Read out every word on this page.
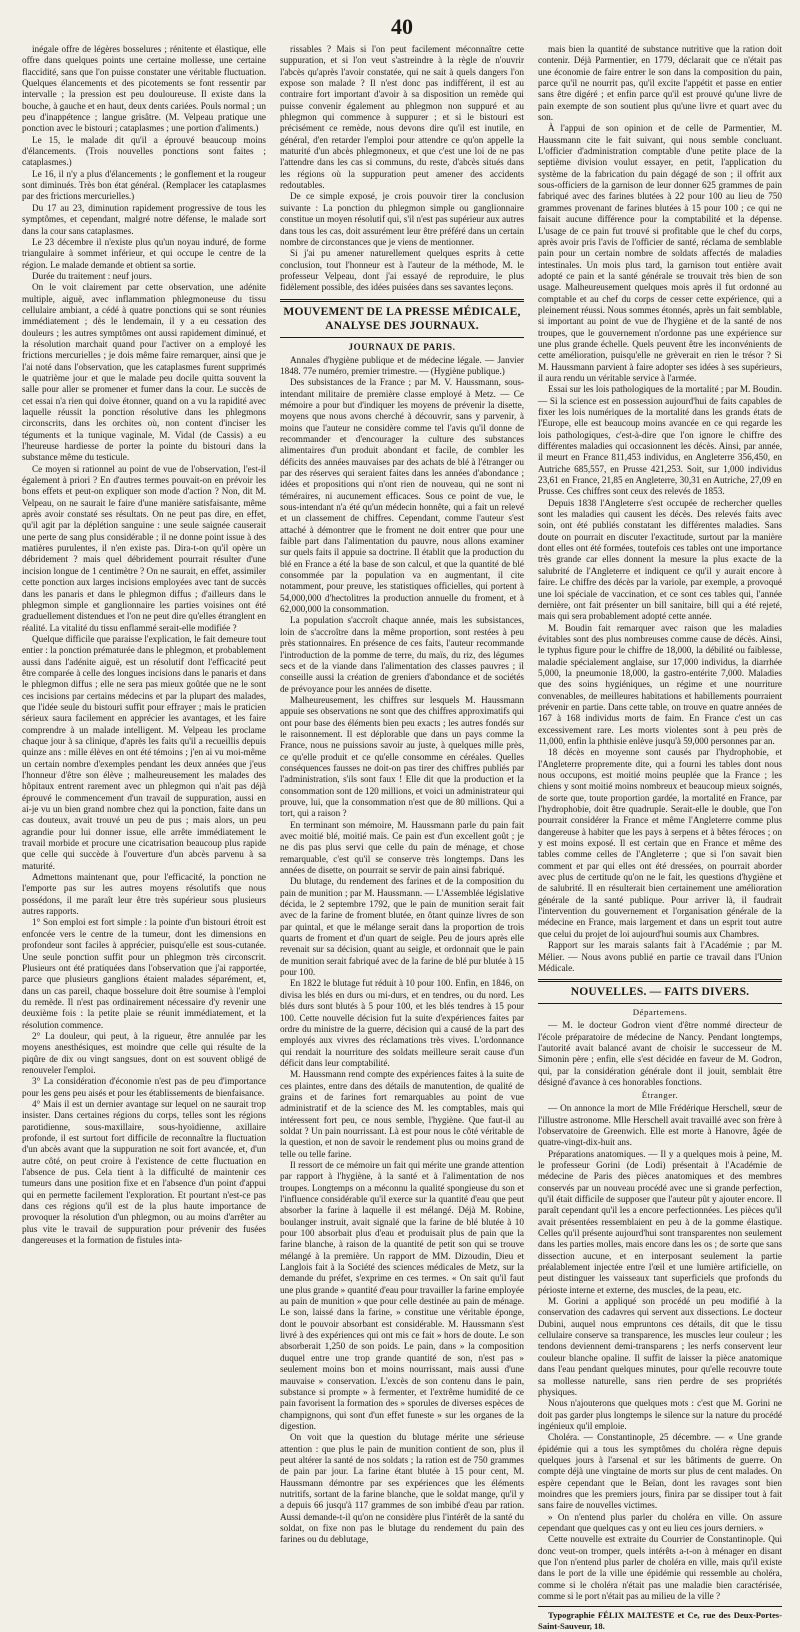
40

inégale offre de légères bosselures ; rénitente et élastique, elle offre dans quelques points une certaine mollesse, une certaine flaccidité, sans que l'on puisse constater une véritable fluctuation. Quelques élancements et des picotements se font ressentir par intervalle ; la pression est peu douloureuse. Il existe dans la bouche, à gauche et en haut, deux dents cariées. Pouls normal ; un peu d'inappétence ; langue grisâtre. (M. Velpeau pratique une ponction avec le bistouri ; cataplasmes ; une portion d'aliments.)

Le 15, le malade dit qu'il a éprouvé beaucoup moins d'élancements. (Trois nouvelles ponctions sont faites ; cataplasmes.)

Le 16, il n'y a plus d'élancements ; le gonflement et la rougeur sont diminués. Très bon état général. (Remplacer les cataplasmes par des frictions mercurielles.)

Du 17 au 23, diminution rapidement progressive de tous les symptômes, et cependant, malgré notre défense, le malade sort dans la cour sans cataplasmes.

Le 23 décembre il n'existe plus qu'un noyau induré, de forme triangulaire à sommet inférieur, et qui occupe le centre de la région. Le malade demande et obtient sa sortie.

Durée du traitement : neuf jours.

On le voit clairement par cette observation, une adénite multiple, aiguë, avec inflammation phlegmoneuse du tissu cellulaire ambiant, a cédé à quatre ponctions qui se sont réunies immédiatement ; dès le lendemain, il y a eu cessation des douleurs ; les autres symptômes ont aussi rapidement diminué, et la résolution marchait quand pour l'activer on a employé les frictions mercurielles ; je dois même faire remarquer, ainsi que je l'ai noté dans l'observation, que les cataplasmes furent supprimés le quatrième jour et que le malade peu docile quitta souvent la salle pour aller se promener et fumer dans la cour. Le succès de cet essai n'a rien qui doive étonner, quand on a vu la rapidité avec laquelle réussit la ponction résolutive dans les phlegmons circonscrits, dans les orchites où, non content d'inciser les téguments et la tunique vaginale, M. Vidal (de Cassis) a eu l'heureuse hardiesse de porter la pointe du bistouri dans la substance même du testicule.

Ce moyen si rationnel au point de vue de l'observation, l'est-il également à priori ? En d'autres termes pouvait-on en prévoir les bons effets et peut-on expliquer son mode d'action ? Non, dit M. Velpeau, on ne saurait le faire d'une manière satisfaisante, même après avoir constaté ses résultats. On ne peut pas dire, en effet, qu'il agit par la déplétion sanguine : une seule saignée causerait une perte de sang plus considérable ; il ne donne point issue à des matières purulentes, il n'en existe pas. Dira-t-on qu'il opère un débridement ? mais quel débridement pourrait résulter d'une incision longue de 1 centimètre ? On ne saurait, en effet, assimiler cette ponction aux larges incisions employées avec tant de succès dans les panaris et dans le phlegmon diffus ; d'ailleurs dans le phlegmon simple et ganglionnaire les parties voisines ont été graduellement distendues et l'on ne peut dire qu'elles étranglent en réalité. La vitalité du tissu enflammé serait-elle modifiée ?

Quelque difficile que paraisse l'explication, le fait demeure tout entier : la ponction prématurée dans le phlegmon, et probablement aussi dans l'adénite aiguë, est un résolutif dont l'efficacité peut être comparée à celle des longues incisions dans le panaris et dans le phlegmon diffus ; elle ne sera pas mieux goûtée que ne le sont ces incisions par certains médecins et par la plupart des malades, que l'idée seule du bistouri suffit pour effrayer ; mais le praticien sérieux saura facilement en apprécier les avantages, et les faire comprendre à un malade intelligent. M. Velpeau les proclame chaque jour à sa clinique, d'après les faits qu'il a recueillis depuis quinze ans : mille élèves en ont été témoins ; j'en ai vu moi-même un certain nombre d'exemples pendant les deux années que j'eus l'honneur d'être son élève ; malheureusement les malades des hôpitaux entrent rarement avec un phlegmon qui n'ait pas déjà éprouvé le commencement d'un travail de suppuration, aussi en ai-je vu un bien grand nombre chez qui la ponction, faite dans un cas douteux, avait trouvé un peu de pus ; mais alors, un peu agrandie pour lui donner issue, elle arrête immédiatement le travail morbide et procure une cicatrisation beaucoup plus rapide que celle qui succède à l'ouverture d'un abcès parvenu à sa maturité.

Admettons maintenant que, pour l'efficacité, la ponction ne l'emporte pas sur les autres moyens résolutifs que nous possédons, il me paraît leur être très supérieur sous plusieurs autres rapports.

1° Son emploi est fort simple : la pointe d'un bistouri étroit est enfoncée vers le centre de la tumeur, dont les dimensions en profondeur sont faciles à apprécier, puisqu'elle est sous-cutanée. Une seule ponction suffit pour un phlegmon très circonscrit. Plusieurs ont été pratiquées dans l'observation que j'ai rapportée, parce que plusieurs ganglions étaient malades séparément, et, dans un cas pareil, chaque bosselure doit être soumise à l'emploi du remède. Il n'est pas ordinairement nécessaire d'y revenir une deuxième fois : la petite plaie se réunit immédiatement, et la résolution commence.

2° La douleur, qui peut, à la rigueur, être annulée par les moyens anesthésiques, est moindre que celle qui résulte de la piqûre de dix ou vingt sangsues, dont on est souvent obligé de renouveler l'emploi.

3° La considération d'économie n'est pas de peu d'importance pour les gens peu aisés et pour les établissements de bienfaisance.

4° Mais il est un dernier avantage sur lequel on ne saurait trop insister. Dans certaines régions du corps, telles sont les régions parotidienne, sous-maxillaire, sous-hyoïdienne, axillaire profonde, il est surtout fort difficile de reconnaître la fluctuation d'un abcès avant que la suppuration ne soit fort avancée, et, d'un autre côté, on peut croire à l'existence de cette fluctuation en l'absence de pus. Cela tient à la difficulté de maintenir ces tumeurs dans une position fixe et en l'absence d'un point d'appui qui en permette facilement l'exploration. Et pourtant n'est-ce pas dans ces régions qu'il est de la plus haute importance de provoquer la résolution d'un phlegmon, ou au moins d'arrêter au plus vite le travail de suppuration pour prévenir des fusées dangereuses et la formation de fistules inta-

rissables ? Mais si l'on peut facilement méconnaître cette suppuration, et si l'on veut s'astreindre à la règle de n'ouvrir l'abcès qu'après l'avoir constatée, qui ne sait à quels dangers l'on expose son malade ? Il n'est donc pas indifférent, il est au contraire fort important d'avoir à sa disposition un remède qui puisse convenir également au phlegmon non suppuré et au phlegmon qui commence à suppurer ; et si le bistouri est précisément ce remède, nous devons dire qu'il est inutile, en général, d'en retarder l'emploi pour attendre ce qu'on appelle la maturité d'un abcès phlegmoneux, et que c'est une loi de ne pas l'attendre dans les cas si communs, du reste, d'abcès situés dans les régions où la suppuration peut amener des accidents redoutables.

De ce simple exposé, je crois pouvoir tirer la conclusion suivante : La ponction du phlegmon simple ou ganglionnaire constitue un moyen résolutif qui, s'il n'est pas supérieur aux autres dans tous les cas, doit assurément leur être préféré dans un certain nombre de circonstances que je viens de mentionner.

Si j'ai pu amener naturellement quelques esprits à cette conclusion, tout l'honneur est à l'auteur de la méthode, M. le professeur Velpeau, dont j'ai essayé de reproduire, le plus fidèlement possible, des idées puisées dans ses savantes leçons.

MOUVEMENT DE LA PRESSE MÉDICALE, ANALYSE DES JOURNAUX.
JOURNAUX DE PARIS.

Annales d'hygiène publique et de médecine légale. — Janvier 1848. 77e numéro, premier trimestre. — (Hygiène publique.)

Des subsistances de la France ; par M. V. Haussmann, sous-intendant militaire de première classe employé à Metz. — Ce mémoire a pour but d'indiquer les moyens de prévenir la disette, moyens que nous avons cherché à découvrir, sans y parvenir, à moins que l'auteur ne considère comme tel l'avis qu'il donne de recommander et d'encourager la culture des substances alimentaires d'un produit abondant et facile, de combler les déficits des années mauvaises par des achats de blé à l'étranger ou par des réserves qui seraient faites dans les années d'abondance ; idées et propositions qui n'ont rien de nouveau, qui ne sont ni téméraires, ni aucunement efficaces. Sous ce point de vue, le sous-intendant n'a été qu'un médecin honnête, qui a fait un relevé et un classement de chiffres. Cependant, comme l'auteur s'est attaché à démontrer que le froment ne doit entrer que pour une faible part dans l'alimentation du pauvre, nous allons examiner sur quels faits il appuie sa doctrine. Il établit que la production du blé en France a été la base de son calcul, et que la quantité de blé consommée par la population va en augmentant, il cite notamment, pour preuve, les statistiques officielles, qui portent à 54,000,000 d'hectolitres la production annuelle du froment, et à 62,000,000 la consommation.

La population s'accroît chaque année, mais les subsistances, loin de s'accroître dans la même proportion, sont restées à peu près stationnaires. En présence de ces faits, l'auteur recommande l'introduction de la pomme de terre, du maïs, du riz, des légumes secs et de la viande dans l'alimentation des classes pauvres ; il conseille aussi la création de greniers d'abondance et de sociétés de prévoyance pour les années de disette.

Malheureusement, les chiffres sur lesquels M. Haussmann appuie ses observations ne sont que des chiffres approximatifs qui ont pour base des éléments bien peu exacts ; les autres fondés sur le raisonnement. Il est déplorable que dans un pays comme la France, nous ne puissions savoir au juste, à quelques mille près, ce qu'elle produit et ce qu'elle consomme en céréales. Quelles conséquences fausses ne doit-on pas tirer des chiffres publiés par l'administration, s'ils sont faux ! Elle dit que la production et la consommation sont de 120 millions, et voici un administrateur qui prouve, lui, que la consommation n'est que de 80 millions. Qui a tort, qui a raison ?

En terminant son mémoire, M. Haussmann parle du pain fait avec moitié blé, moitié maïs. Ce pain est d'un excellent goût ; je ne dis pas plus servi que celle du pain de ménage, et chose remarquable, c'est qu'il se conserve très longtemps. Dans les années de disette, on pourrait se servir de pain ainsi fabriqué.

Du blutage, du rendement des farines et de la composition du pain de munition ; par M. Haussmann. — L'Assemblée législative décida, le 2 septembre 1792, que le pain de munition serait fait avec de la farine de froment blutée, en ôtant quinze livres de son par quintal, et que le mélange serait dans la proportion de trois quarts de froment et d'un quart de seigle. Peu de jours après elle revenait sur sa décision, quant au seigle, et ordonnait que le pain de munition serait fabriqué avec de la farine de blé pur blutée à 15 pour 100.

En 1822 le blutage fut réduit à 10 pour 100. Enfin, en 1846, on divisa les blés en durs ou mi-durs, et en tendres, ou du nord. Les blés durs sont blutés à 5 pour 100, et les blés tendres à 15 pour 100. Cette nouvelle décision fut la suite d'expériences faites par ordre du ministre de la guerre, décision qui a causé de la part des employés aux vivres des réclamations très vives. L'ordonnance qui rendait la nourriture des soldats meilleure serait cause d'un déficit dans leur comptabilité.

M. Haussmann rend compte des expériences faites à la suite de ces plaintes, entre dans des détails de manutention, de qualité de grains et de farines fort remarquables au point de vue administratif et de la science des M. les comptables, mais qui intéressent fort peu, ce nous semble, l'hygiène. Que faut-il au soldat ? Un pain nourrissant. Là est pour nous le côté véritable de la question, et non de savoir le rendement plus ou moins grand de telle ou telle farine.

Il ressort de ce mémoire un fait qui mérite une grande attention par rapport à l'hygiène, à la santé et à l'alimentation de nos troupes. Longtemps on a méconnu la qualité spongieuse du son et l'influence considérable qu'il exerce sur la quantité d'eau que peut absorber la farine à laquelle il est mélangé. Déjà M. Robine, boulanger instruit, avait signalé que la farine de blé blutée à 10 pour 100 absorbait plus d'eau et produisait plus de pain que la farine blanche, à raison de la quantité de petit son qui se trouve mélangé à la première. Un rapport de MM. Dizoudin, Dieu et Langlois fait à la Société des sciences médicales de Metz, sur la demande du préfet, s'exprime en ces termes. « On sait qu'il faut une plus grande » quantité d'eau pour travailler la farine employée au pain de munition » que pour celle destinée au pain de ménage. Le son, laissé dans la farine, » constitue une véritable éponge, dont le pouvoir absorbant est considérable. M. Haussmann s'est livré à des expériences qui ont mis ce fait » hors de doute. Le son absorberait 1,250 de son poids. Le pain, dans » la composition duquel entre une trop grande quantité de son, n'est pas » seulement moins bon et moins nourrissant, mais aussi d'une mauvaise » conservation. L'excès de son contenu dans le pain, substance si prompte » à fermenter, et l'extrême humidité de ce pain favorisent la formation des » sporules de diverses espèces de champignons, qui sont d'un effet funeste » sur les organes de la digestion.

On voit que la question du blutage mérite une sérieuse attention : que plus le pain de munition contient de son, plus il peut altérer la santé de nos soldats ; la ration est de 750 grammes de pain par jour. La farine étant blutée à 15 pour cent, M. Haussmann démontre par ses expériences que les éléments nutritifs, sortant de la farine blanche, que le soldat mange, qu'il y a depuis 66 jusqu'à 117 grammes de son imbibé d'eau par ration. Aussi demande-t-il qu'on ne considère plus l'intérêt de la santé du soldat, on fixe non pas le blutage du rendement du pain des farines ou du deblutage,

mais bien la quantité de substance nutritive que la ration doit contenir. Déjà Parmentier, en 1779, déclarait que ce n'était pas une économie de faire entrer le son dans la composition du pain, parce qu'il ne nourrit pas, qu'il excite l'appétit et passe en entier sans être digéré ; et enfin parce qu'il est prouvé qu'une livre de pain exempte de son soutient plus qu'une livre et quart avec du son.

À l'appui de son opinion et de celle de Parmentier, M. Haussmann cite le fait suivant, qui nous semble concluant. L'officier d'administration comptable d'une petite place de la septième division voulut essayer, en petit, l'application du système de la fabrication du pain dégagé de son ; il offrit aux sous-officiers de la garnison de leur donner 625 grammes de pain fabriqué avec des farines blutées à 22 pour 100 au lieu de 750 grammes provenant de farines blutées à 15 pour 100 ; ce qui ne faisait aucune différence pour la comptabilité et la dépense. L'usage de ce pain fut trouvé si profitable que le chef du corps, après avoir pris l'avis de l'officier de santé, réclama de semblable pain pour un certain nombre de soldats affectés de maladies intestinales. Un mois plus tard, la garnison tout entière avait adopté ce pain et la santé générale se trouvait très bien de son usage. Malheureusement quelques mois après il fut ordonné au comptable et au chef du corps de cesser cette expérience, qui a pleinement réussi. Nous sommes étonnés, après un fait semblable, si important au point de vue de l'hygiène et de la santé de nos troupes, que le gouvernement n'ordonne pas une expérience sur une plus grande échelle. Quels peuvent être les inconvénients de cette amélioration, puisqu'elle ne grèverait en rien le trésor ? Si M. Haussmann parvient à faire adopter ses idées à ses supérieurs, il aura rendu un véritable service à l'armée.

Essai sur les lois pathologiques de la mortalité ; par M. Boudin. — Si la science est en possession aujourd'hui de faits capables de fixer les lois numériques de la mortalité dans les grands états de l'Europe, elle est beaucoup moins avancée en ce qui regarde les lois pathologiques, c'est-à-dire que l'on ignore le chiffre des différentes maladies qui occasionnent les décès. Ainsi, par année, il meurt en France 811,453 individus, en Angleterre 356,450, en Autriche 685,557, en Prusse 421,253. Soit, sur 1,000 individus 23,61 en France, 21,85 en Angleterre, 30,31 en Autriche, 27,09 en Prusse. Ces chiffres sont ceux des relevés de 1853.

Depuis 1838 l'Angleterre s'est occupée de rechercher quelles sont les maladies qui causent les décès. Des relevés faits avec soin, ont été publiés constatant les différentes maladies. Sans doute on pourrait en discuter l'exactitude, surtout par la manière dont elles ont été formées, toutefois ces tables ont une importance très grande car elles donnent la mesure la plus exacte de la salubrité de l'Angleterre et indiquent ce qu'il y aurait encore à faire. Le chiffre des décès par la variole, par exemple, a provoqué une loi spéciale de vaccination, et ce sont ces tables qui, l'année dernière, ont fait présenter un bill sanitaire, bill qui a été rejeté, mais qui sera probablement adopté cette année.

M. Boudin fait remarquer avec raison que les maladies évitables sont des plus nombreuses comme cause de décès. Ainsi, le typhus figure pour le chiffre de 18,000, la débilité ou faiblesse, maladie spécialement anglaise, sur 17,000 individus, la diarrhée 5,000, la pneumonie 18,000, la gastro-entérite 7,000. Maladies que des soins hygiéniques, un régime et une nourriture convenables, de meilleures habitations et habillements pourraient prévenir en partie. Dans cette table, on trouve en quatre années de 167 à 168 individus morts de faim. En France c'est un cas excessivement rare. Les morts violentes sont à peu près de 11,000, enfin la phthisie enlève jusqu'à 59,000 personnes par an.

18 décès en moyenne sont causés par l'hydrophobie, et l'Angleterre propremente dite, qui a fourni les tables dont nous nous occupons, est moitié moins peuplée que la France ; les chiens y sont moitié moins nombreux et beaucoup mieux soignés, de sorte que, toute proportion gardée, la mortalité en France, par l'hydrophobie, doit être quadruple. Serait-elle le double, que l'on pourrait considérer la France et même l'Angleterre comme plus dangereuse à habiter que les pays à serpens et à bêtes féroces ; on y est moins exposé. Il est certain que en France et même des tables comme celles de l'Angleterre ; que si l'on savait bien comment et par qui elles ont été dressées, on pourrait aborder avec plus de certitude qu'on ne le fait, les questions d'hygiène et de salubrité. Il en résulterait bien certainement une amélioration générale de la santé publique. Pour arriver là, il faudrait l'intervention du gouvernement et l'organisation générale de la médecine en France, mais largement et dans un esprit tout autre que celui du projet de loi aujourd'hui soumis aux Chambres.

Rapport sur les marais salants fait à l'Académie ; par M. Mélier. — Nous avons publié en partie ce travail dans l'Union Médicale.

NOUVELLES. — FAITS DIVERS.
Départemens.

— M. le docteur Godron vient d'être nommé directeur de l'école préparatoire de médecine de Nancy. Pendant longtemps, l'autorité avait balancé avant de choisir le successeur de M. Simonin père ; enfin, elle s'est décidée en faveur de M. Godron, qui, par la considération générale dont il jouit, semblait être désigné d'avance à ces honorables fonctions.

Étranger.

— On annonce la mort de Mlle Frédérique Herschell, sœur de l'illustre astronome. Mlle Herschell avait travaillé avec son frère à l'observatoire de Greenwich. Elle est morte à Hanovre, âgée de quatre-vingt-dix-huit ans.

Préparations anatomiques. — Il y a quelques mois à peine, M. le professeur Gorini (de Lodi) présentait à l'Académie de médecine de Paris des pièces anatomiques et des membres conservés par un nouveau procédé avec une si grande perfection, qu'il était difficile de supposer que l'auteur pût y ajouter encore. Il paraît cependant qu'il les a encore perfectionnées. Les pièces qu'il avait présentées ressemblaient en peu à de la gomme élastique. Celles qu'il présente aujourd'hui sont transparentes non seulement dans les parties molles, mais encore dans les os ; de sorte que sans dissection aucune, et en interposant seulement la partie préalablement injectée entre l'œil et une lumière artificielle, on peut distinguer les vaisseaux tant superficiels que profonds du périoste interne et externe, des muscles, de la peau, etc.

M. Gorini a appliqué son procédé un peu modifié à la conservation des cadavres qui servent aux dissections. Le docteur Dubini, auquel nous empruntons ces détails, dit que le tissu cellulaire conserve sa transparence, les muscles leur couleur ; les tendons deviennent demi-transparens ; les nerfs conservent leur couleur blanche opaline. Il suffit de laisser la pièce anatomique dans l'eau pendant quelques minutes, pour qu'elle recouvre toute sa mollesse naturelle, sans rien perdre de ses propriétés physiques.

Nous n'ajouterons que quelques mots : c'est que M. Gorini ne doit pas garder plus longtemps le silence sur la nature du procédé ingénieux qu'il emploie.

Choléra. — Constantinople, 25 décembre. — « Une grande épidémie qui a tous les symptômes du choléra règne depuis quelques jours à l'arsenal et sur les bâtiments de guerre. On compte déjà une vingtaine de morts sur plus de cent malades. On espère cependant que le Beïan, dont les ravages sont bien moindres que les premiers jours, finira par se dissiper tout à fait sans faire de nouvelles victimes.

» On n'entend plus parler du choléra en ville. On assure cependant que quelques cas y ont eu lieu ces jours derniers. »

Cette nouvelle est extraite du Courrier de Constantinople. Qui donc veut-on tromper, quels intérêts a-t-on à ménager en disant que l'on n'entend plus parler de choléra en ville, mais qu'il existe dans le port de la ville une épidémie qui ressemble au choléra, comme si le choléra n'était pas une maladie bien caractérisée, comme si le port n'était pas au milieu de la ville ?

Typographie FÉLIX MALTESTE et Ce, rue des Deux-Portes-Saint-Sauveur, 18.
